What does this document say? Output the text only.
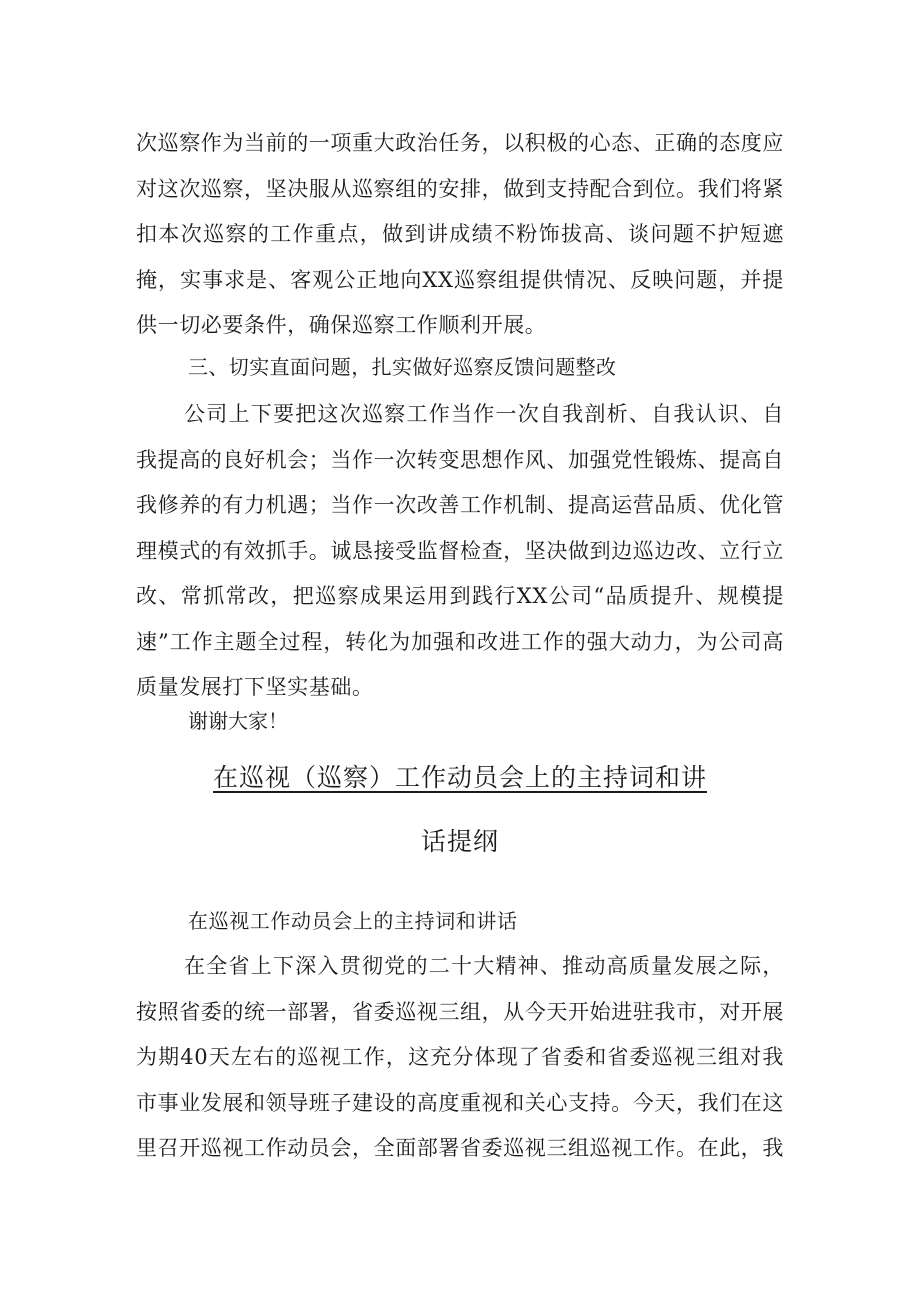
次巡察作为当前的一项重大政治任务，以积极的心态、正确的态度应对这次巡察，坚决服从巡察组的安排，做到支持配合到位。我们将紧扣本次巡察的工作重点，做到讲成绩不粉饰拔高、谈问题不护短遮掩，实事求是、客观公正地向XX巡察组提供情况、反映问题，并提供一切必要条件，确保巡察工作顺利开展。

三、切实直面问题，扎实做好巡察反馈问题整改

公司上下要把这次巡察工作当作一次自我剖析、自我认识、自我提高的良好机会；当作一次转变思想作风、加强党性锻炼、提高自我修养的有力机遇；当作一次改善工作机制、提高运营品质、优化管理模式的有效抓手。诚恳接受监督检查，坚决做到边巡边改、立行立改、常抓常改，把巡察成果运用到践行XX公司“品质提升、规模提速”工作主题全过程，转化为加强和改进工作的强大动力，为公司高质量发展打下坚实基础。

谢谢大家！

在巡视（巡察）工作动员会上的主持词和讲
话提纲

在巡视工作动员会上的主持词和讲话

在全省上下深入贯彻党的二十大精神、推动高质量发展之际，按照省委的统一部署，省委巡视三组，从今天开始进驻我市，对开展为期40天左右的巡视工作，这充分体现了省委和省委巡视三组对我市事业发展和领导班子建设的高度重视和关心支持。今天，我们在这里召开巡视工作动员会，全面部署省委巡视三组巡视工作。在此，我
